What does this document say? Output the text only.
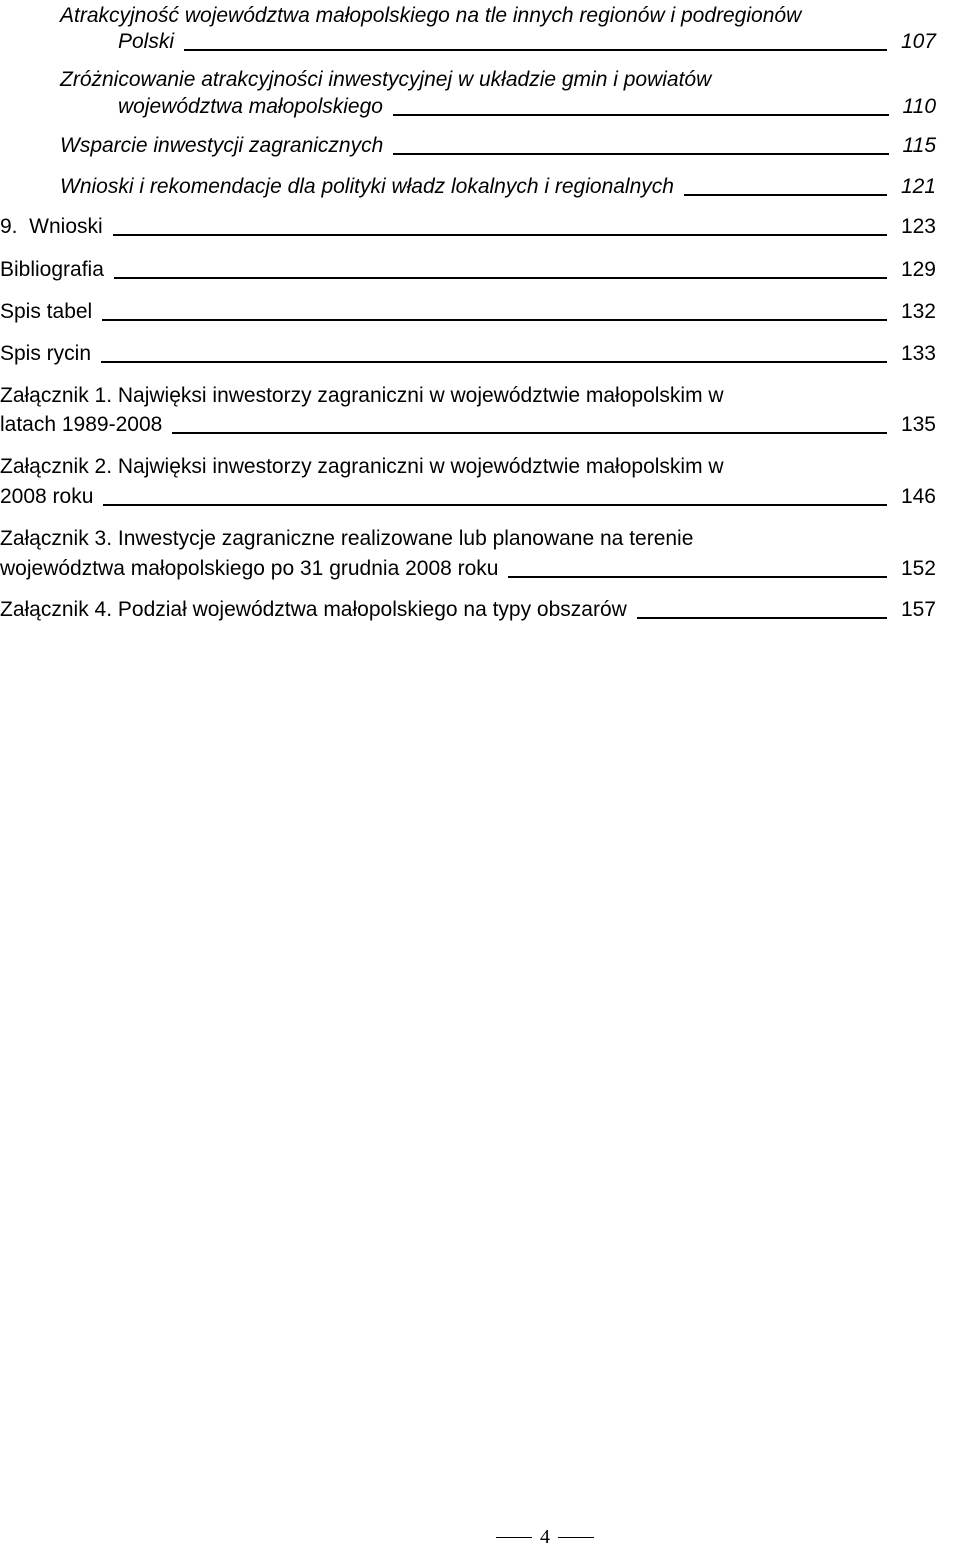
Atrakcyjność województwa małopolskiego na tle innych regionów i podregionów
Polski	107
Zróżnicowanie atrakcyjności inwestycyjnej w układzie gmin i powiatów
województwa małopolskiego	110
Wsparcie inwestycji zagranicznych	115
Wnioski i rekomendacje dla polityki władz lokalnych i regionalnych	121
9.  Wnioski	123
Bibliografia	129
Spis tabel	132
Spis rycin	133
Załącznik 1. Najwięksi inwestorzy zagraniczni w województwie małopolskim w
latach 1989-2008	135
Załącznik 2. Najwięksi inwestorzy zagraniczni w województwie małopolskim w
2008 roku	146
Załącznik 3. Inwestycje zagraniczne realizowane lub planowane na terenie
województwa małopolskiego po 31 grudnia 2008 roku	152
Załącznik 4. Podział województwa małopolskiego na typy obszarów	157
4
